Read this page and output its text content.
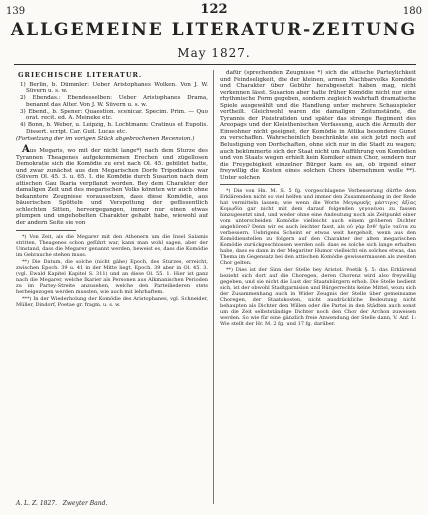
139	122	180
ALLGEMEINE LITERATUR-ZEITUNG
May 1827.
GRIECHISCHE LITERATUR.
1) Berlin, b. Dümmler: Ueber Aristophanes Wolken. Von J. W. Süvern u. s. w.
2) Ebendas.: Ebendesselben: Ueber Aristophanes Drama, benannt das Alter. Von J. W. Süvern u. s. w.
3) Ebend., b. Spener: Quaestion. scenicar. Specim. Prim. — Quo orat. recit. ed. A. Meineke etc.
4) Bonn, b. Weber, u. Leipzig, b. Lochtmann: Cratinus et Eupolis. Dissert. script. Car. Guil. Lucas etc.
(Fortsetzung der im vorigen Stück abgebrochenen Recension.)
Aus Megaris, wo mit der nicht lange*) nach dem Sturze des Tyrannen Theagenes aufgekommenen Erechen und zügellosen Demokratie sich die Komödie zu erst nach Ol. 45. gebildet hatte, und zwar zunächst aus den Megarischen Dorfe Tripodiskus war (Süvern Ol. 45. 3. u. 65. 1. die Komödie durch Susarion nach dem attischen Gau Ikaria verpflanzt worden. Bey dem Charakter der damaligen Zeit und des megarischen Volks könnten wir auch ohne bekanntere Zeugnisse voraussetzen, dass diese Komödie, aus bäuerischen Spötteln und Verspottung der geflissentlich schlechten Sitten, hervorgegangen, immer nur einen etwas plumpen und ungehobelten Charakter gehabt habe, wiewohl auf der andern Seite sie von
*) Von Zeit, als die Megarer mit den Athenern um die Insel Salamis stritten, Theagenes schon geführt war, kann man wohl sagen, aber der Umstand, dass die Megarer genannt werden, beweist es, dass die Komödie im Gebrauche stehen muss.
**) Die Datum, die solche (nicht gähe) Epoch, des Sturzes, erreicht, zwischen Epoch. 39 u. 41 in der Mitte liegt, Epoch. 39 aber in Ol. 45. 3. (vgl. Ewald Kapitel Kapitel S. 311) und an diese Ol. 55. 1. Hier ist ganz nach die Megarer, welche Ikarier als Personen aus Alkmanischen Perioden zu im Partey-Streite anzusehen, welche den Parteiliederen stets herbeigezogen werden mussten, wie auch mit lehrhaftem.
***) In der Wiederholung der Komödie des Aristophanes, vgl. Schneider, Müller, Dindorf, Poetae gr. fragm. u. s. w.
dafür (sprechenden Zeugnisse *) sich die attische Parteylichkeit und Feindseligkeit, die der kleinen, armen Nachbarvolks Komödie und Charakter über Gebühr herabgesetzt haben mag, nicht verkennen lässt. Susarion aber hatte früher Komödie nicht nur eine rhythmische Form gegeben, sondern zugleich wahrhaft dramatische Spiele ausgewählt und die Handlung unter mehrere Schauspieler vertheilt. Gleichwohl waren die damaligen Zeitumstände, die Tyrannis der Pisistratiden und später das strenge Regiment des Areopags und der Kleisthenischen Verfassung, auch die Armuth der Einwohner nicht geeignet, der Komödie in Attika besondere Gunst zu verschaffen. Wahrscheinlich beschränkte sie sich jetzt noch auf Belustigung von Dorfschaften, ohne sich nur in die Stadt zu wagen; auch bekümmerte sich der Staat nicht um Aufführung von Komödien und von Staats wegen erhielt kein Komiker einen Chor, sondern nur die Freygebigkeit einzelner Bürger kam es an, ob irgend einer freywillig die Kosten eines solchen Chors übernehmen wolle **). Unter solchen
*) Die von Hn. M. S. 5 fg. vorgeschlagene Verbesserung dürfte dem Erklärenden nicht so viel helfen und immer den Zusammenhang in der Rede hat vermitteln lassen; wie wenn die Worte Μεγαρικῆς μάστιγος ἀξίας Κομῳδία gar nicht mit dem darauf folgenden γεγονέναι zu fassen hinzugesetzt sind, und weder ohne eine Andeutung noch als Zeitpunkt einer vom unterscheiden Komödie vielleicht auch einem gröberen Dichter angehören? Denn wir es auch leichter fasst, als οὐ γὰρ ἔσθ' ἡμῖν ταῦτα zu verbessern. Uebrigens Scheint er etwas weit hergeholt, wenn aus den Komödienstellen zu folgern auf den Charakter der alten megarischen Komödie zurückgeschlossen werden soll: dass es solche sich lange erhalten habe, dass es dann in der Megariter Humor vielleicht ein solches etwas, das Thema im Gegensatz bei den attischen Komödie gewissermassen als zweiten Chor gelten.
**) Dies ist der Sinn der Stelle bey Aristot. Poetik §. 5: das Erklärend bezieht sich dort auf die Choregen, deren Chorenz wird also freywillig gegeben, und sie nicht die Lust der Staatsbürgern erhob. Die Stelle bedient sich, ist der obwohl Stadtgarnision und Bürgerrechts keine Mittel, wozu sich der Zusammenhang auch in Wider Zeugnis der Stelle über gemeinsame Choregen, der Staatskosten, nicht ausdrückliche Bedeutung nicht behaupten als Dichter den Willen oder die Partei in den Städten auch sonst um die Zeit selbstständige Dichter noch den Chor der Archon zuweisen werden. So wie für eine gänzlich freie Anwendung der Stelle dann, V. Anf. 1: Wie stellt der Hr. M. 2 fg. und 17 fg. darüber.
A. L. Z. 1827. Zweyter Band.
